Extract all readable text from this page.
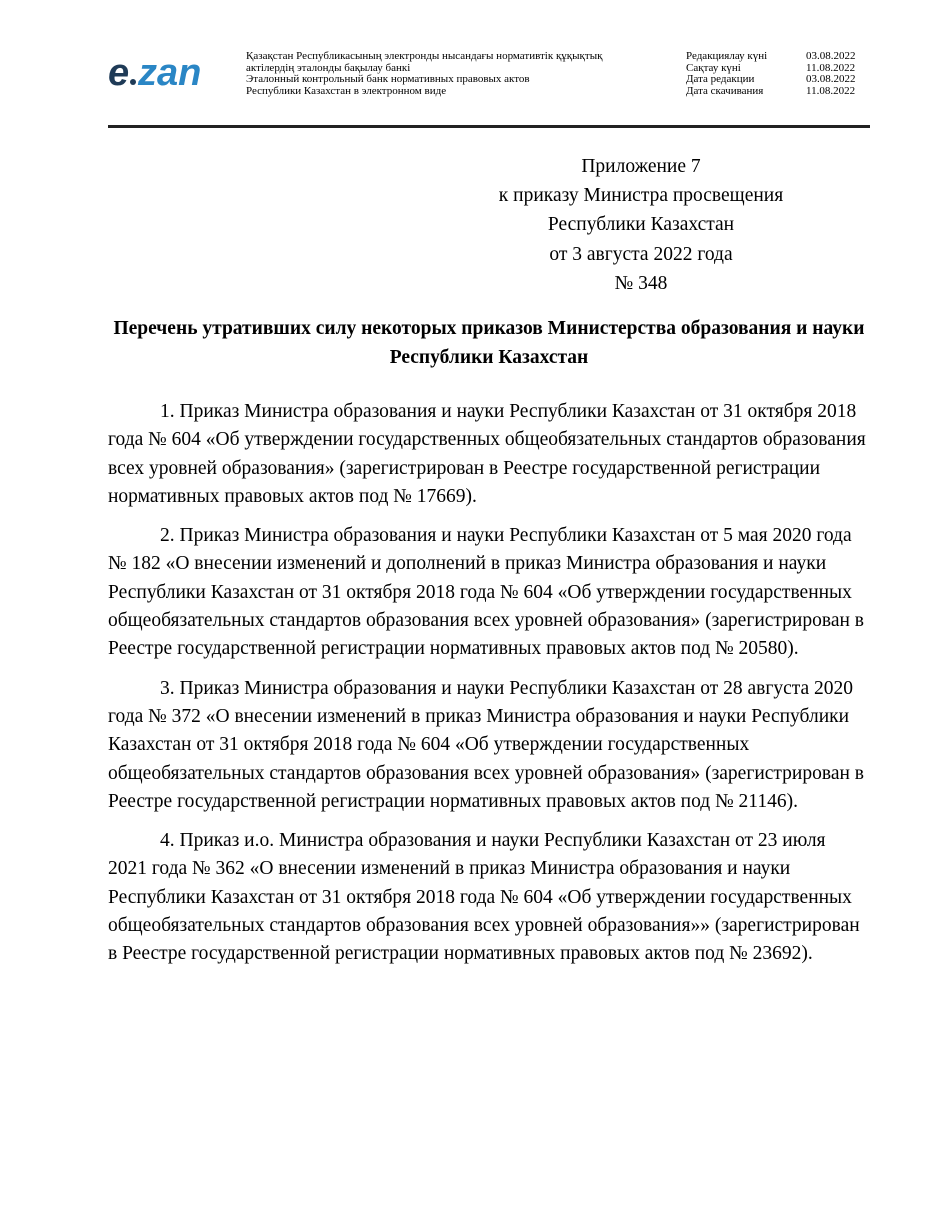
e zan	Қазақстан Республикасының электронды нысандағы нормативтік құқықтық
актілердің эталонды бақылау банкі
Эталонный контрольный банк нормативных правовых актов
Республики Казахстан в электронном виде
Редакциялау күні	03.08.2022
Сақтау күні	11.08.2022
Дата редакции	03.08.2022
Дата скачивания	11.08.2022
Приложение 7
к приказу Министра просвещения
Республики Казахстан
от 3 августа 2022 года
№ 348
Перечень утративших силу некоторых приказов Министерства образования и науки Республики Казахстан

1. Приказ Министра образования и науки Республики Казахстан от 31 октября 2018 года № 604 «Об утверждении государственных общеобязательных стандартов образования всех уровней образования» (зарегистрирован в Реестре государственной регистрации нормативных правовых актов под № 17669).

2. Приказ Министра образования и науки Республики Казахстан от 5 мая 2020 года № 182 «О внесении изменений и дополнений в приказ Министра образования и науки Республики Казахстан от 31 октября 2018 года № 604 «Об утверждении государственных общеобязательных стандартов образования всех уровней образования» (зарегистрирован в Реестре государственной регистрации нормативных правовых актов под № 20580).

3. Приказ Министра образования и науки Республики Казахстан от 28 августа 2020 года № 372 «О внесении изменений в приказ Министра образования и науки Республики Казахстан от 31 октября 2018 года № 604 «Об утверждении государственных общеобязательных стандартов образования всех уровней образования» (зарегистрирован в Реестре государственной регистрации нормативных правовых актов под № 21146).

4. Приказ и.о. Министра образования и науки Республики Казахстан от 23 июля 2021 года № 362 «О внесении изменений в приказ Министра образования и науки Республики Казахстан от 31 октября 2018 года № 604 «Об утверждении государственных общеобязательных стандартов образования всех уровней образования»» (зарегистрирован в Реестре государственной регистрации нормативных правовых актов под № 23692).
